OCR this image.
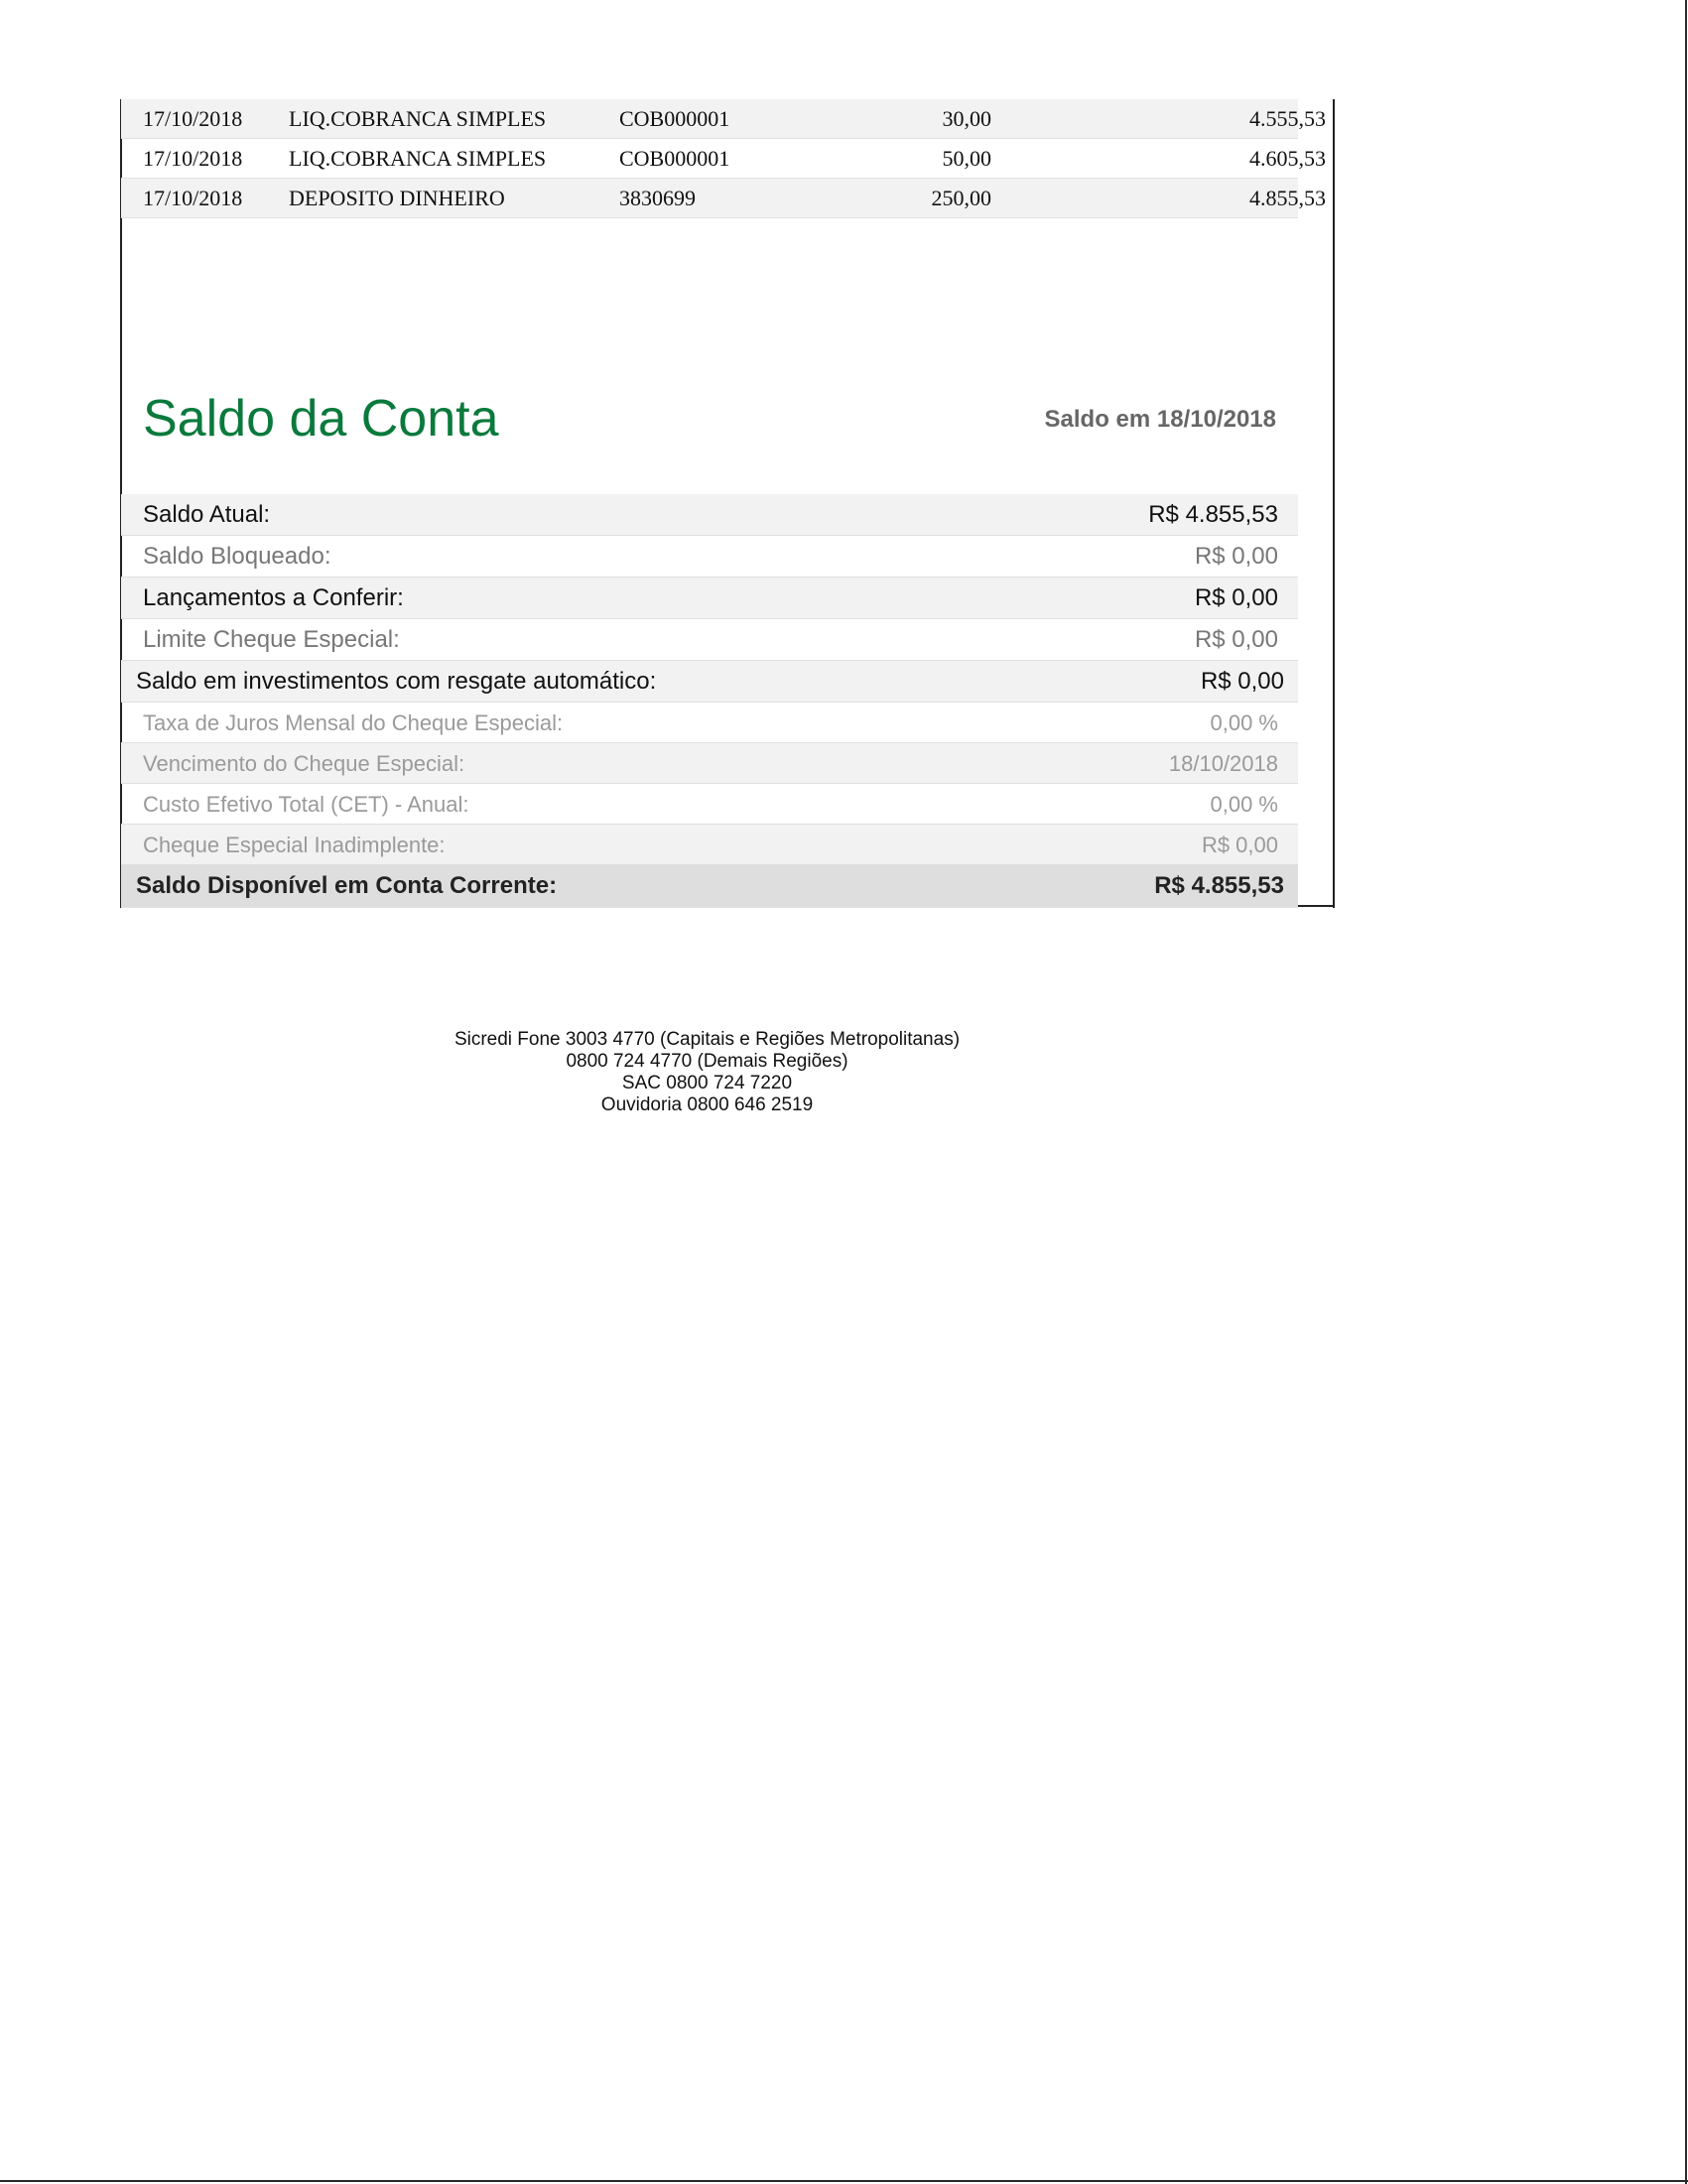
17/10/2018 LIQ.COBRANCA SIMPLES	COB000001	30,00	4.555,53
17/10/2018 LIQ.COBRANCA SIMPLES	COB000001	50,00	4.605,53
17/10/2018 DEPOSITO DINHEIRO	3830699	250,00	4.855,53
Saldo da Conta	Saldo em 18/10/2018
Saldo Atual:	R$ 4.855,53
Saldo Bloqueado:	R$ 0,00
Lançamentos a Conferir:	R$ 0,00
Limite Cheque Especial:	R$ 0,00
Saldo em investimentos com resgate automático:	R$ 0,00
Taxa de Juros Mensal do Cheque Especial:	0,00 %
Vencimento do Cheque Especial:	18/10/2018
Custo Efetivo Total (CET) - Anual:	0,00 %
Cheque Especial Inadimplente:	R$ 0,00
Saldo Disponível em Conta Corrente:	R$ 4.855,53
Sicredi Fone 3003 4770 (Capitais e Regiões Metropolitanas)
0800 724 4770 (Demais Regiões)
SAC 0800 724 7220
Ouvidoria 0800 646 2519
